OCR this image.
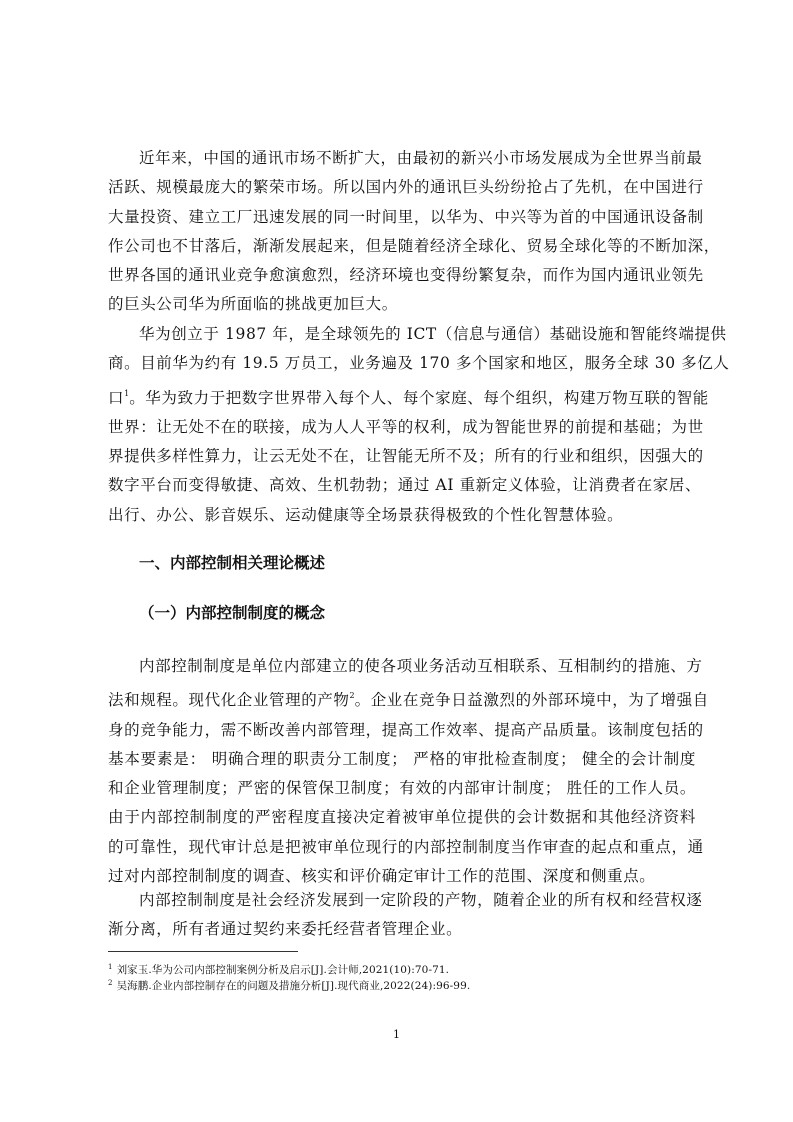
近年来，中国的通讯市场不断扩大，由最初的新兴小市场发展成为全世界当前最
活跃、规模最庞大的繁荣市场。所以国内外的通讯巨头纷纷抢占了先机，在中国进行
大量投资、建立工厂迅速发展的同一时间里，以华为、中兴等为首的中国通讯设备制
作公司也不甘落后，渐渐发展起来，但是随着经济全球化、贸易全球化等的不断加深，
世界各国的通讯业竞争愈演愈烈，经济环境也变得纷繁复杂，而作为国内通讯业领先
的巨头公司华为所面临的挑战更加巨大。

华为创立于 1987 年，是全球领先的 ICT（信息与通信）基础设施和智能终端提供
商。目前华为约有 19.5 万员工，业务遍及 170 多个国家和地区，服务全球 30 多亿人
口$^1$。华为致力于把数字世界带入每个人、每个家庭、每个组织，构建万物互联的智能
世界：让无处不在的联接，成为人人平等的权利，成为智能世界的前提和基础；为世
界提供多样性算力，让云无处不在，让智能无所不及；所有的行业和组织，因强大的
数字平台而变得敏捷、高效、生机勃勃；通过 AI 重新定义体验，让消费者在家居、
出行、办公、影音娱乐、运动健康等全场景获得极致的个性化智慧体验。

一、内部控制相关理论概述
（一）内部控制制度的概念

内部控制制度是单位内部建立的使各项业务活动互相联系、互相制约的措施、方
法和规程。现代化企业管理的产物$^2$。企业在竞争日益激烈的外部环境中，为了增强自
身的竞争能力，需不断改善内部管理，提高工作效率、提高产品质量。该制度包括的
基本要素是： 明确合理的职责分工制度； 严格的审批检查制度； 健全的会计制度
和企业管理制度；严密的保管保卫制度；有效的内部审计制度； 胜任的工作人员。
由于内部控制制度的严密程度直接决定着被审单位提供的会计数据和其他经济资料
的可靠性，现代审计总是把被审单位现行的内部控制制度当作审查的起点和重点，通
过对内部控制制度的调查、核实和评价确定审计工作的范围、深度和侧重点。

内部控制制度是社会经济发展到一定阶段的产物，随着企业的所有权和经营权逐
渐分离，所有者通过契约来委托经营者管理企业。

$^1$ 刘家玉.华为公司内部控制案例分析及启示[J].会计师,2021(10):70-71.
$^2$ 吴海鹏.企业内部控制存在的问题及措施分析[J].现代商业,2022(24):96-99.
1
